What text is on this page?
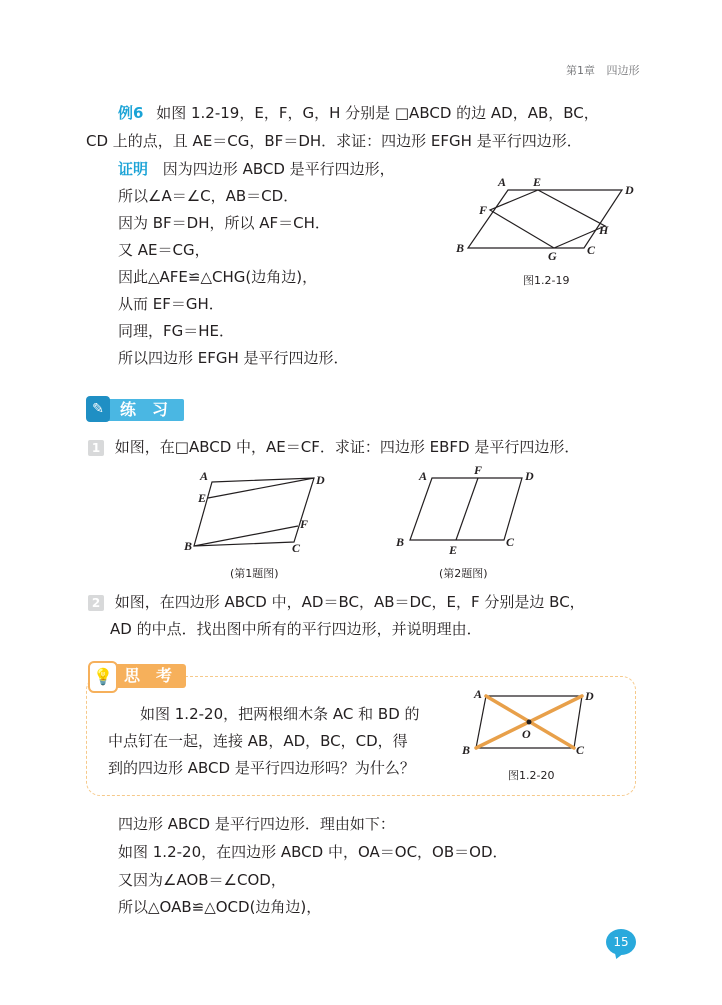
第1章 四边形
例6 如图 1.2-19，E，F，G，H 分别是 □ABCD 的边 AD，AB，BC，
CD 上的点，且 AE＝CG，BF＝DH．求证：四边形 EFGH 是平行四边形．
证明 因为四边形 ABCD 是平行四边形，
所以∠A＝∠C，AB＝CD．
因为 BF＝DH，所以 AF＝CH．
又 AE＝CG，
因此△AFE≌△CHG(边角边)，
从而 EF＝GH．
同理，FG＝HE．
所以四边形 EFGH 是平行四边形．
A E
D
F
H
B
G	C
图1.2-19
✎	练　习
1 如图，在□ABCD 中，AE＝CF．求证：四边形 EBFD 是平行四边形．
A	D
E
F
B	C
(第1题图)
A	F	D
B
E
C
(第2题图)
2 如图，在四边形 ABCD 中，AD＝BC，AB＝DC，E，F 分别是边 BC，
AD 的中点．找出图中所有的平行四边形，并说明理由．
💡 思　考
如图 1.2-20，把两根细木条 AC 和 BD 的
中点钉在一起，连接 AB，AD，BC，CD，得
到的四边形 ABCD 是平行四边形吗？为什么？
A	D
O
B	C
图1.2-20
四边形 ABCD 是平行四边形．理由如下：
如图 1.2-20，在四边形 ABCD 中，OA＝OC，OB＝OD．
又因为∠AOB＝∠COD，
所以△OAB≌△OCD(边角边)，
15
